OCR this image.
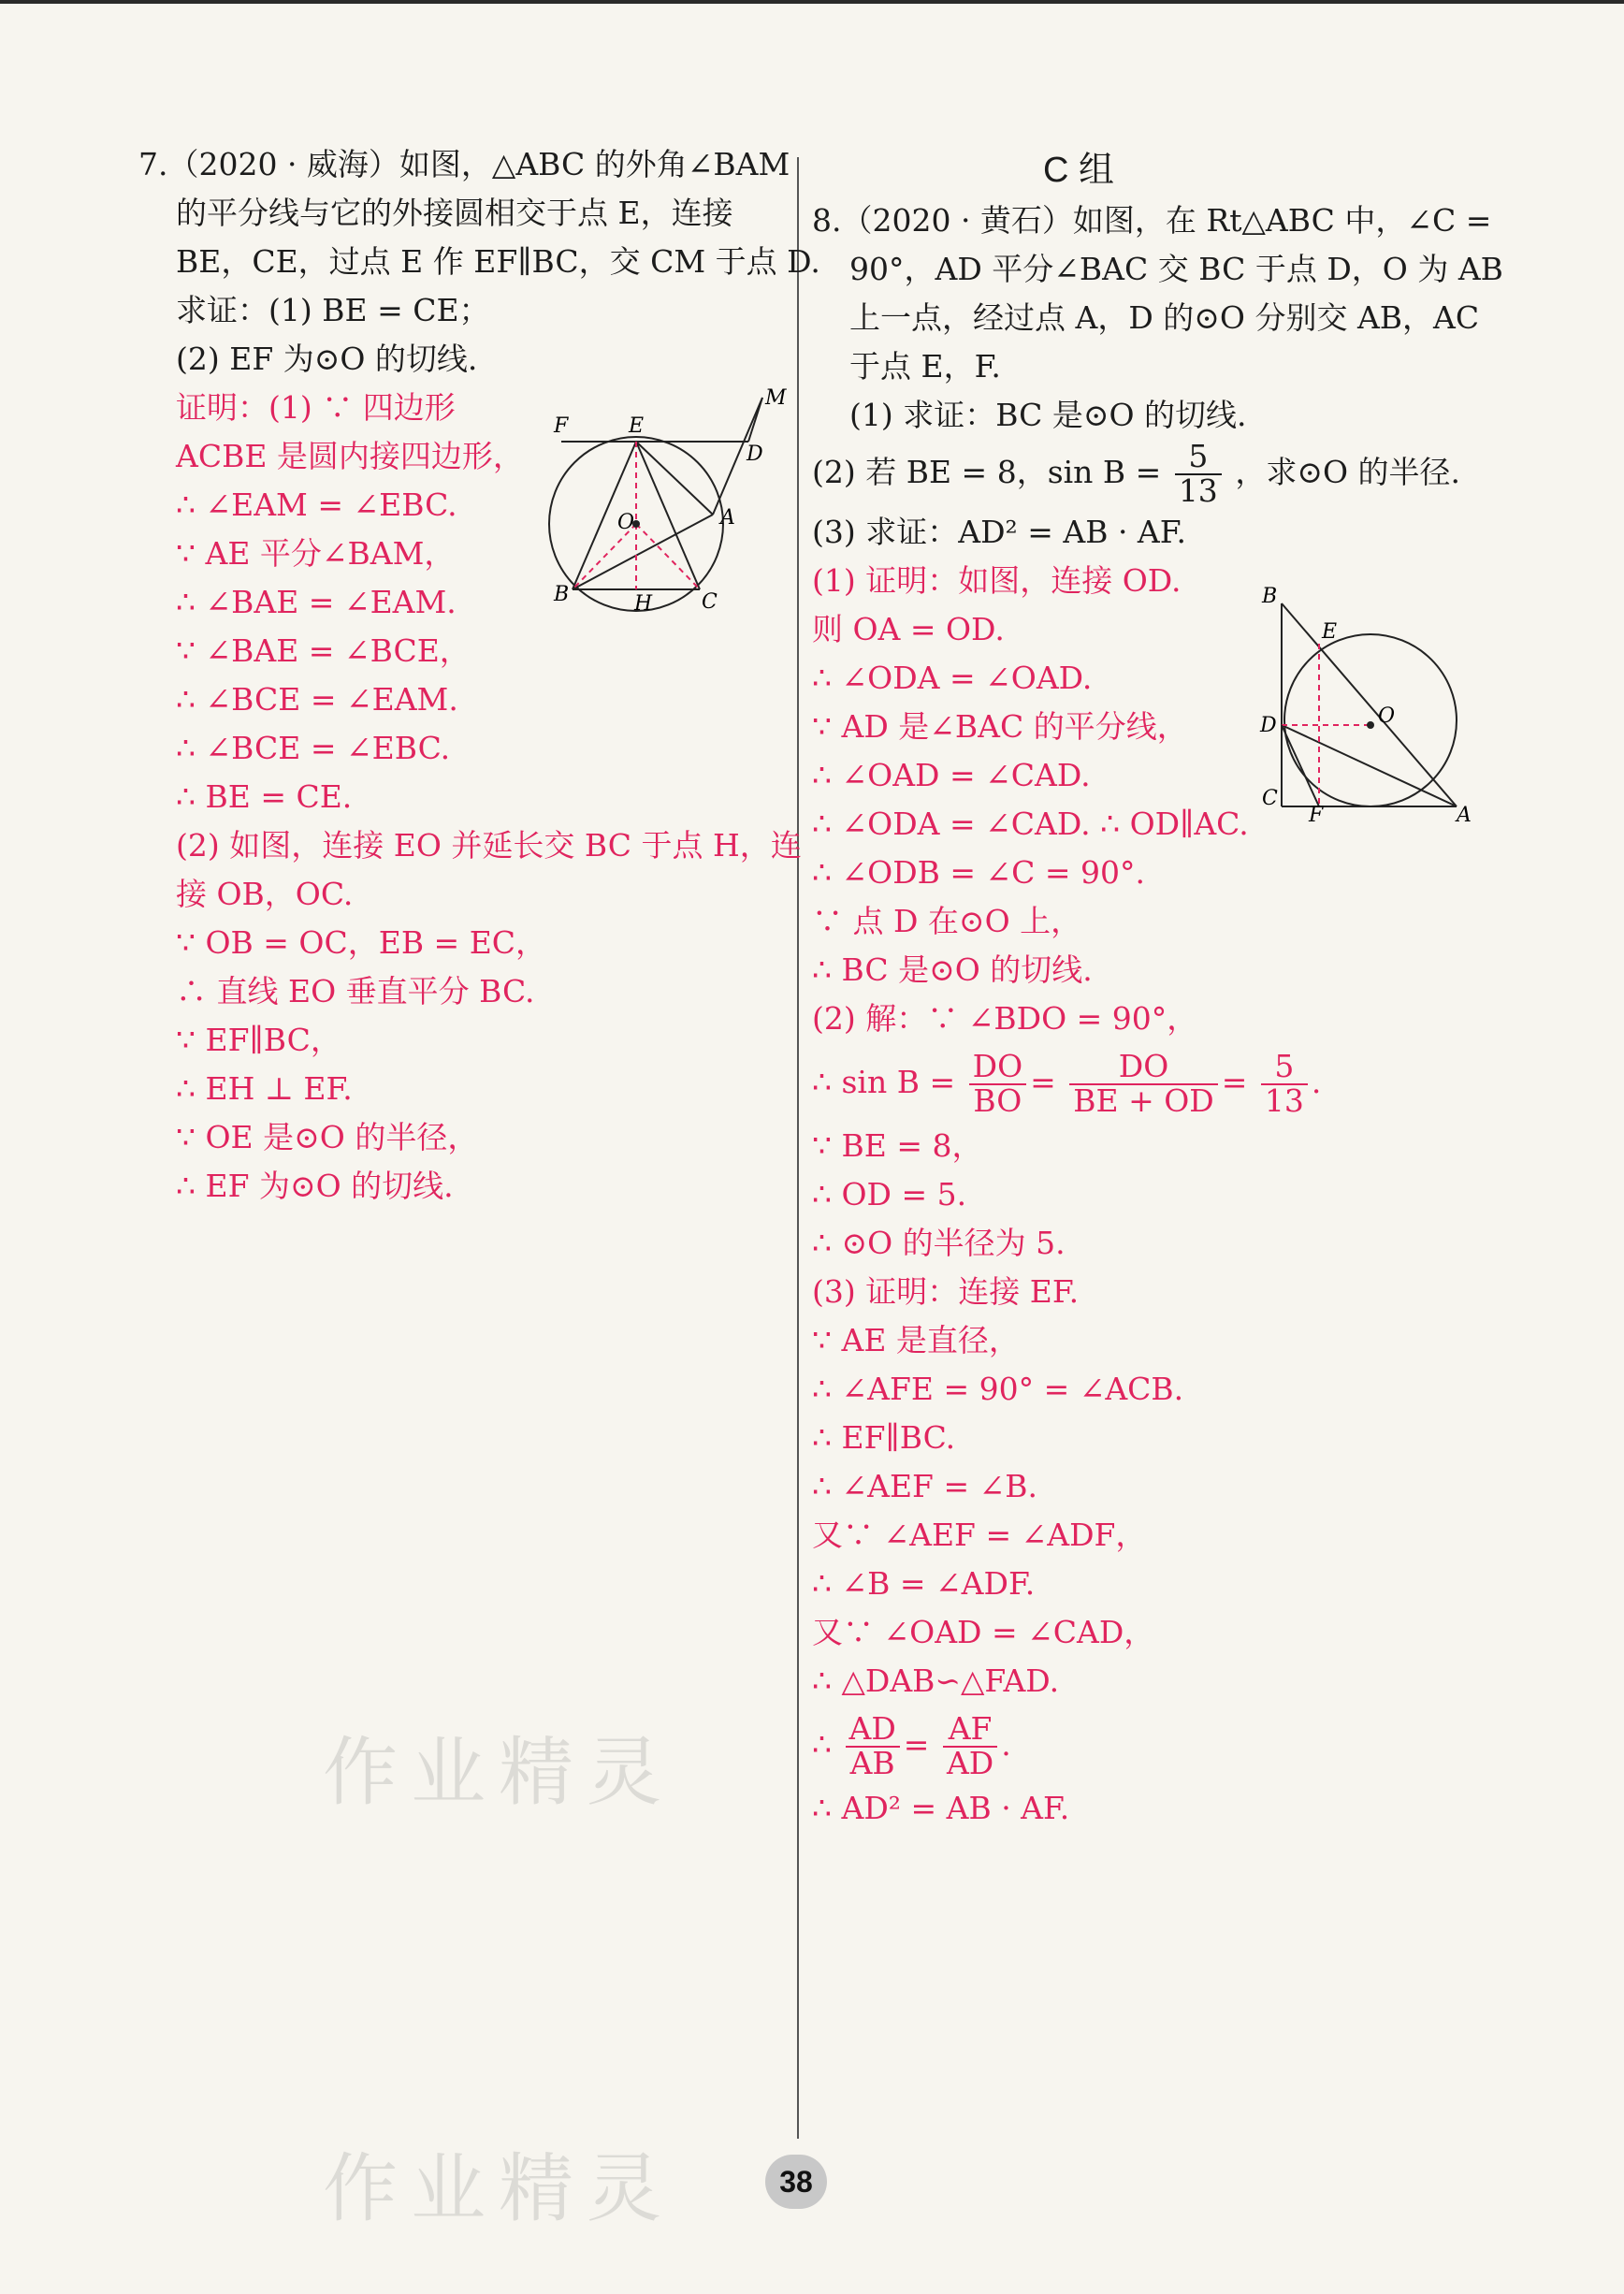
7.（2020 · 威海）如图，△ABC 的外角∠BAM
的平分线与它的外接圆相交于点 E，连接
BE，CE，过点 E 作 EF∥BC，交 CM 于点 D.
求证：(1) BE = CE；
(2) EF 为⊙O 的切线.
证明：(1) ∵ 四边形
ACBE 是圆内接四边形，
∴ ∠EAM = ∠EBC.
∵ AE 平分∠BAM，
∴ ∠BAE = ∠EAM.
∵ ∠BAE = ∠BCE，
∴ ∠BCE = ∠EAM.
∴ ∠BCE = ∠EBC.
∴ BE = CE.
(2) 如图，连接 EO 并延长交 BC 于点 H，连
接 OB，OC.
∵ OB = OC，EB = EC，
∴ 直线 EO 垂直平分 BC.
∵ EF∥BC，
∴ EH ⊥ EF.
∵ OE 是⊙O 的半径，
∴ EF 为⊙O 的切线.
F	E
M
D
O	A
B	H C
C 组
8.（2020 · 黄石）如图，在 Rt△ABC 中，∠C =
90°，AD 平分∠BAC 交 BC 于点 D，O 为 AB
上一点，经过点 A，D 的⊙O 分别交 AB，AC
于点 E，F.
(1) 求证：BC 是⊙O 的切线.
(2) 若 BE = 8，$\sin B = \frac{5}{13}$ ，求⊙O 的半径.
(3) 求证：AD² = AB · AF.
(1) 证明：如图，连接 OD.
则 OA = OD.
∴ ∠ODA = ∠OAD.
∵ AD 是∠BAC 的平分线，
∴ ∠OAD = ∠CAD.
∴ ∠ODA = ∠CAD. ∴ OD∥AC.
∴ ∠ODB = ∠C = 90°.
∵ 点 D 在⊙O 上，
∴ BC 是⊙O 的切线.
(2) 解：∵ ∠BDO = 90°，
∴ $\sin B = \frac{DO}{BO} = \frac{DO}{BE + OD} = \frac{5}{13}$ .
∵ BE = 8，
∴ OD = 5.
∴ ⊙O 的半径为 5.
(3) 证明：连接 EF.
∵ AE 是直径，
∴ ∠AFE = 90° = ∠ACB.
∴ EF∥BC.
∴ ∠AEF = ∠B.
又∵ ∠AEF = ∠ADF，
∴ ∠B = ∠ADF.
又∵ ∠OAD = ∠CAD，
∴ △DAB∽△FAD.
∴ $\frac{AD}{AB} = \frac{AF}{AD}$ .
∴ AD² = AB · AF.
B
E
D	O
C
F	A
作业精灵
作业精灵	38
